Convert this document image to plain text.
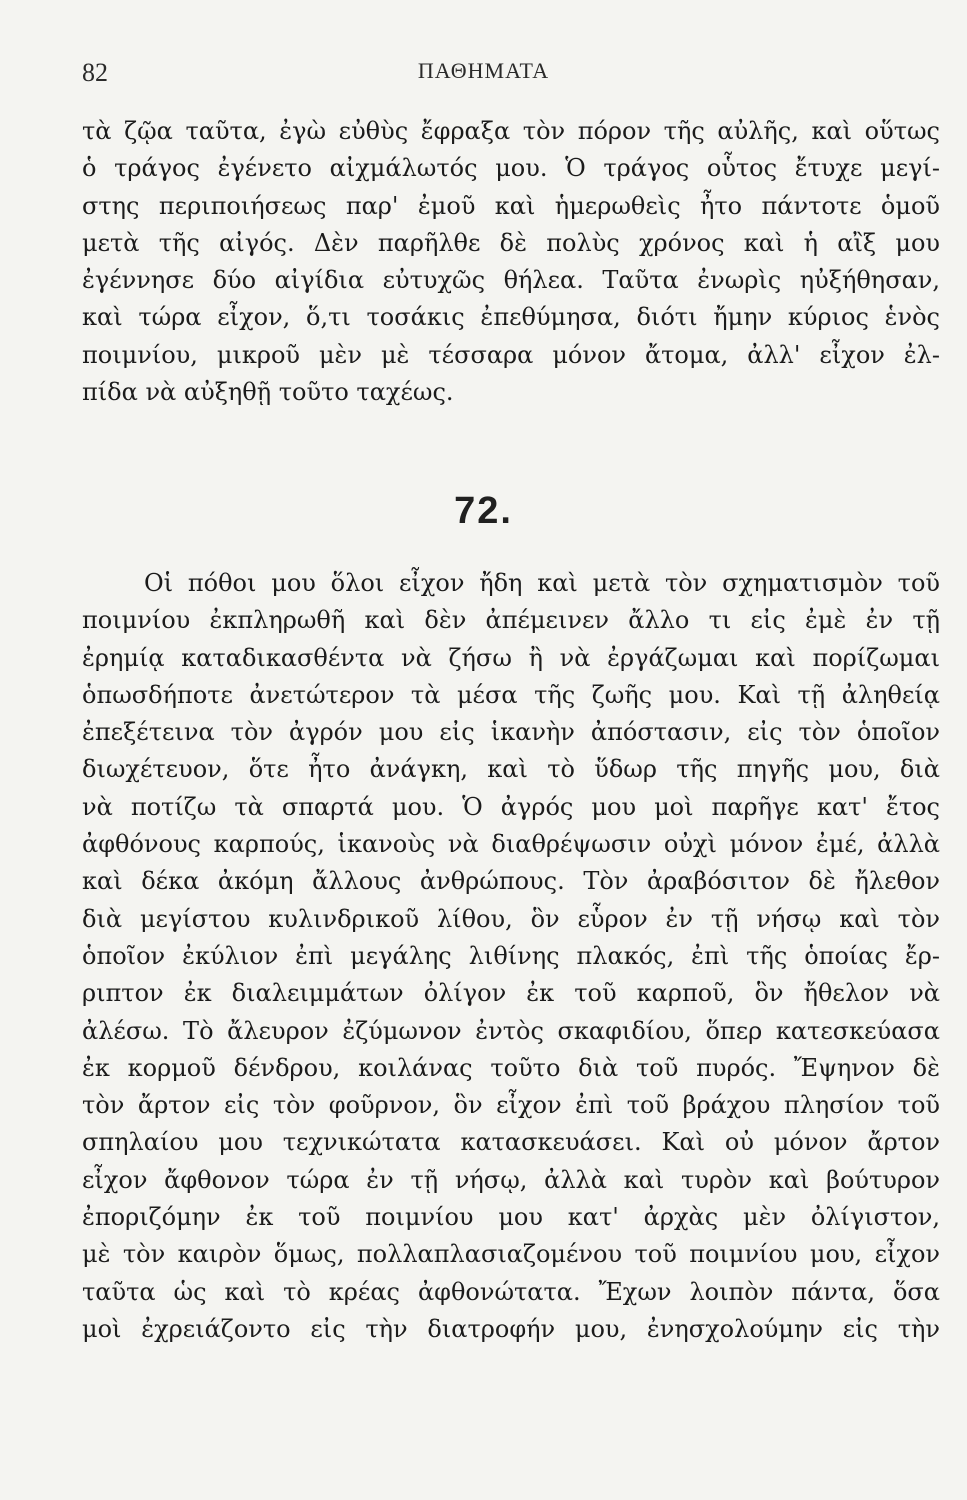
82	ΠΑΘΗΜΑΤΑ
τὰ ζῷα ταῦτα, ἐγὼ εὐθὺς ἔφραξα τὸν πόρον τῆς αὐλῆς, καὶ οὕτως
ὁ τράγος ἐγένετο αἰχμάλωτός μου. Ὁ τράγος οὗτος ἔτυχε μεγί-
στης περιποιήσεως παρ' ἐμοῦ καὶ ἡμερωθεὶς ἦτο πάντοτε ὁμοῦ
μετὰ τῆς αἰγός. Δὲν παρῆλθε δὲ πολὺς χρόνος καὶ ἡ αἲξ μου
ἐγέννησε δύο αἰγίδια εὐτυχῶς θήλεα. Ταῦτα ἐνωρὶς ηὐξήθησαν,
καὶ τώρα εἶχον, ὅ,τι τοσάκις ἐπεθύμησα, διότι ἤμην κύριος ἑνὸς
ποιμνίου, μικροῦ μὲν μὲ τέσσαρα μόνον ἄτομα, ἀλλ' εἶχον ἐλ-
πίδα νὰ αὐξηθῇ τοῦτο ταχέως.
72.
Οἱ πόθοι μου ὅλοι εἶχον ἤδη καὶ μετὰ τὸν σχηματισμὸν τοῦ
ποιμνίου ἐκπληρωθῆ καὶ δὲν ἀπέμεινεν ἄλλο τι εἰς ἐμὲ ἐν τῇ
ἐρημίᾳ καταδικασθέντα νὰ ζήσω ἢ νὰ ἐργάζωμαι καὶ πορίζωμαι
ὁπωσδήποτε ἀνετώτερον τὰ μέσα τῆς ζωῆς μου. Καὶ τῇ ἀληθείᾳ
ἐπεξέτεινα τὸν ἀγρόν μου εἰς ἱκανὴν ἀπόστασιν, εἰς τὸν ὁποῖον
διωχέτευον, ὅτε ἦτο ἀνάγκη, καὶ τὸ ὕδωρ τῆς πηγῆς μου, διὰ
νὰ ποτίζω τὰ σπαρτά μου. Ὁ ἀγρός μου μοὶ παρῆγε κατ' ἔτος
ἀφθόνους καρπούς, ἱκανοὺς νὰ διαθρέψωσιν οὐχὶ μόνον ἐμέ, ἀλλὰ
καὶ δέκα ἀκόμη ἄλλους ἀνθρώπους. Τὸν ἀραβόσιτον δὲ ἤλεθον
διὰ μεγίστου κυλινδρικοῦ λίθου, ὃν εὗρον ἐν τῇ νήσῳ καὶ τὸν
ὁποῖον ἐκύλιον ἐπὶ μεγάλης λιθίνης πλακός, ἐπὶ τῆς ὁποίας ἔρ-
ριπτον ἐκ διαλειμμάτων ὀλίγον ἐκ τοῦ καρποῦ, ὃν ἤθελον νὰ
ἀλέσω. Τὸ ἄλευρον ἐζύμωνον ἐντὸς σκαφιδίου, ὅπερ κατεσκεύασα
ἐκ κορμοῦ δένδρου, κοιλάνας τοῦτο διὰ τοῦ πυρός. Ἔψηνον δὲ
τὸν ἄρτον εἰς τὸν φοῦρνον, ὃν εἶχον ἐπὶ τοῦ βράχου πλησίον τοῦ
σπηλαίου μου τεχνικώτατα κατασκευάσει. Καὶ οὐ μόνον ἄρτον
εἶχον ἄφθονον τώρα ἐν τῇ νήσῳ, ἀλλὰ καὶ τυρὸν καὶ βούτυρον
ἐποριζόμην ἐκ τοῦ ποιμνίου μου κατ' ἀρχὰς μὲν ὀλίγιστον,
μὲ τὸν καιρὸν ὅμως, πολλαπλασιαζομένου τοῦ ποιμνίου μου, εἶχον
ταῦτα ὡς καὶ τὸ κρέας ἀφθονώτατα. Ἔχων λοιπὸν πάντα, ὅσα
μοὶ ἐχρειάζοντο εἰς τὴν διατροφήν μου, ἐνησχολούμην εἰς τὴν
